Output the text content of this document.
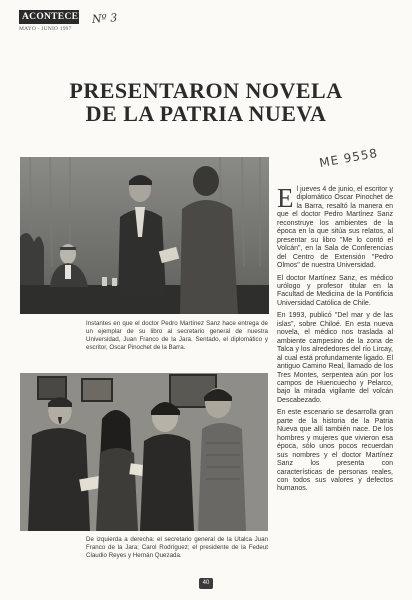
ACONTECER
MAYO - JUNIO 1997
Nº 3
PRESENTARON NOVELA
DE LA PATRIA NUEVA
ME 9558

Instantes en que el doctor Pedro Martínez Sanz hace entrega de un ejemplar de su libro al secretario general de nuestra Universidad, Juan Franco de la Jara. Sentado, el diplomático y escritor, Oscar Pinochet de la Barra.

De izquierda a derecha: el secretario general de la Utalca Juan Franco de la Jara; Carol Rodríguez; el presidente de la Fedeut Claudio Reyes y Hernán Quezada.

El jueves 4 de junio, el escritor y diplomático Oscar Pinochet de la Barra, resaltó la manera en que el doctor Pedro Martínez Sanz reconstruye los ambientes de la época en la que sitúa sus relatos, al presentar su libro "Me lo contó el Volcán", en la Sala de Conferencias del Centro de Extensión "Pedro Olmos" de nuestra Universidad.

El doctor Martínez Sanz, es médico urólogo y profesor titular en la Facultad de Medicina de la Pontificia Universidad Católica de Chile.

En 1993, publicó "Del mar y de las islas", sobre Chiloé. En esta nueva novela, el médico nos traslada al ambiente campesino de la zona de Talca y los alrededores del río Lircay, al cual está profundamente ligado. El antiguo Camino Real, llamado de los Tres Montes, serpentea aún por los campos de Huencuecho y Pelarco, bajo la mirada vigilante del volcán Descabezado.

En este escenario se desarrolla gran parte de la historia de la Patria Nueva que allí también nace. De los hombres y mujeres que vivieron esa época, sólo unos pocos recuerdan sus nombres y el doctor Martínez Sanz los presenta con características de personas reales, con todos sus valores y defectos humanos.

40
